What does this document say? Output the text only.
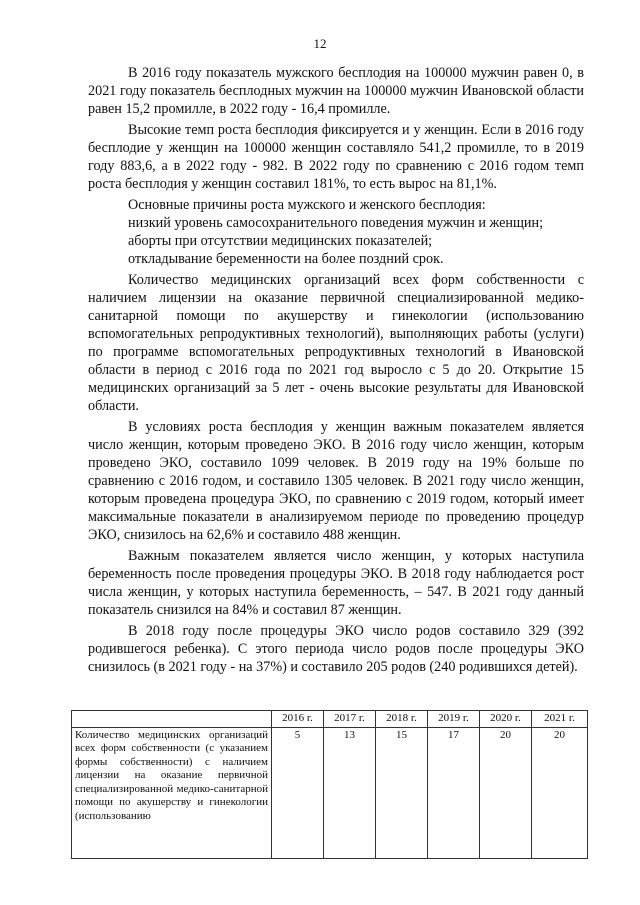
12

В 2016 году показатель мужского бесплодия на 100000 мужчин равен 0, в 2021 году показатель бесплодных мужчин на 100000 мужчин Ивановской области равен 15,2 промилле, в 2022 году - 16,4 промилле.

Высокие темп роста бесплодия фиксируется и у женщин. Если в 2016 году бесплодие у женщин на 100000 женщин составляло 541,2 промилле, то в 2019 году 883,6, а в 2022 году - 982. В 2022 году по сравнению с 2016 годом темп роста бесплодия у женщин составил 181%, то есть вырос на 81,1%.

Основные причины роста мужского и женского бесплодия:

низкий уровень самосохранительного поведения мужчин и женщин;

аборты при отсутствии медицинских показателей;

откладывание беременности на более поздний срок.

Количество медицинских организаций всех форм собственности с наличием лицензии на оказание первичной специализированной медико-санитарной помощи по акушерству и гинекологии (использованию вспомогательных репродуктивных технологий), выполняющих работы (услуги) по программе вспомогательных репродуктивных технологий в Ивановской области в период с 2016 года по 2021 год выросло с 5 до 20. Открытие 15 медицинских организаций за 5 лет - очень высокие результаты для Ивановской области.

В условиях роста бесплодия у женщин важным показателем является число женщин, которым проведено ЭКО. В 2016 году число женщин, которым проведено ЭКО, составило 1099 человек. В 2019 году на 19% больше по сравнению с 2016 годом, и составило 1305 человек. В 2021 году число женщин, которым проведена процедура ЭКО, по сравнению с 2019 годом, который имеет максимальные показатели в анализируемом периоде по проведению процедур ЭКО, снизилось на 62,6% и составило 488 женщин.

Важным показателем является число женщин, у которых наступила беременность после проведения процедуры ЭКО. В 2018 году наблюдается рост числа женщин, у которых наступила беременность, – 547. В 2021 году данный показатель снизился на 84% и составил 87 женщин.

В 2018 году после процедуры ЭКО число родов составило 329 (392 родившегося ребенка). С этого периода число родов после процедуры ЭКО снизилось (в 2021 году - на 37%) и составило 205 родов (240 родившихся детей).

	2016 г.	2017 г.	2018 г.	2019 г.	2020 г.	2021 г.
Количество медицинских организаций всех форм собственности (с указанием формы собственности) с наличием лицензии на оказание первичной специализированной медико-санитарной помощи по акушерству и гинекологии (использованию	5	13	15	17	20	20
